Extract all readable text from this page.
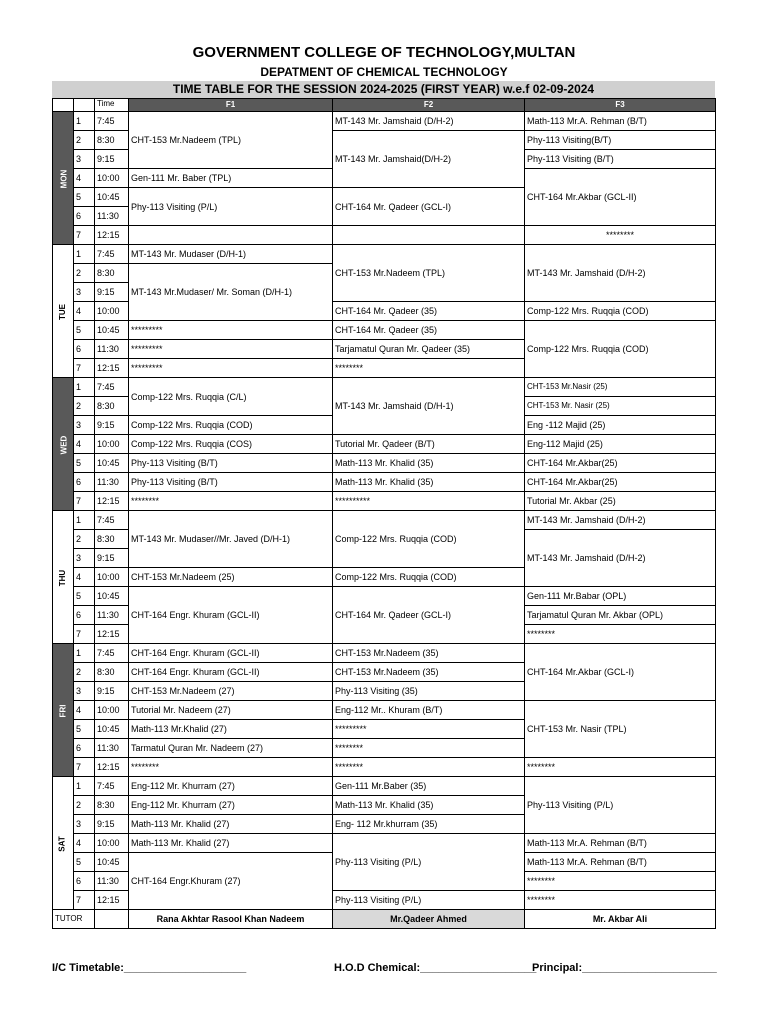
GOVERNMENT COLLEGE OF TECHNOLOGY,MULTAN
DEPATMENT OF CHEMICAL TECHNOLOGY
TIME TABLE FOR THE SESSION 2024-2025 (FIRST YEAR) w.e.f 02-09-2024
		Time	F1	F2	F3
MON	1	7:45	CHT-153 Mr.Nadeem (TPL)	MT-143 Mr. Jamshaid (D/H-2)	Math-113 Mr.A. Rehman (B/T)
	2	8:30		MT-143 Mr. Jamshaid(D/H-2)	Phy-113 Visiting(B/T)
	3	9:15			Phy-113 Visiting (B/T)
	4	10:00	Gen-111 Mr. Baber (TPL)		CHT-164 Mr.Akbar (GCL-II)
	5	10:45	Phy-113 Visiting (P/L)	CHT-164 Mr. Qadeer (GCL-I)	
	6	11:30			
	7	12:15			********
TUE	1	7:45	MT-143 Mr. Mudaser (D/H-1)	CHT-153 Mr.Nadeem (TPL)	MT-143 Mr. Jamshaid (D/H-2)
	2	8:30	MT-143 Mr.Mudaser/ Mr. Soman (D/H-1)		
	3	9:15			
	4	10:00		CHT-164 Mr. Qadeer (35)	Comp-122 Mrs. Ruqqia (COD)
	5	10:45	*********	CHT-164 Mr. Qadeer (35)	Comp-122 Mrs. Ruqqia (COD)
	6	11:30	*********	Tarjamatul Quran Mr. Qadeer (35)	
	7	12:15	*********	********	
WED	1	7:45	Comp-122 Mrs. Ruqqia (C/L)	MT-143 Mr. Jamshaid (D/H-1)	CHT-153 Mr.Nasir (25)
	2	8:30			CHT-153 Mr. Nasir (25)
	3	9:15	Comp-122 Mrs. Ruqqia (COD)		Eng -112 Majid (25)
	4	10:00	Comp-122 Mrs. Ruqqia (COS)	Tutorial Mr. Qadeer (B/T)	Eng-112 Majid (25)
	5	10:45	Phy-113 Visiting (B/T)	Math-113 Mr. Khalid (35)	CHT-164 Mr.Akbar(25)
	6	11:30	Phy-113 Visiting (B/T)	Math-113 Mr. Khalid (35)	CHT-164 Mr.Akbar(25)
	7	12:15	********	**********	Tutorial Mr. Akbar (25)
THU	1	7:45	MT-143 Mr. Mudaser//Mr. Javed (D/H-1)	Comp-122 Mrs. Ruqqia (COD)	MT-143 Mr. Jamshaid (D/H-2)
	2	8:30			MT-143 Mr. Jamshaid (D/H-2)
	3	9:15			
	4	10:00	CHT-153 Mr.Nadeem (25)	Comp-122 Mrs. Ruqqia (COD)	
	5	10:45	CHT-164 Engr. Khuram (GCL-II)	CHT-164 Mr. Qadeer (GCL-I)	Gen-111 Mr.Babar (OPL)
	6	11:30			Tarjamatul Quran Mr. Akbar (OPL)
	7	12:15			********
FRI	1	7:45	CHT-164 Engr. Khuram (GCL-II)	CHT-153 Mr.Nadeem (35)	CHT-164 Mr.Akbar (GCL-I)
	2	8:30	CHT-164 Engr. Khuram (GCL-II)	CHT-153 Mr.Nadeem (35)	
	3	9:15	CHT-153 Mr.Nadeem (27)	Phy-113 Visiting (35)	
	4	10:00	Tutorial Mr. Nadeem (27)	Eng-112 Mr.. Khuram (B/T)	CHT-153 Mr. Nasir (TPL)
	5	10:45	Math-113 Mr.Khalid (27)	*********	
	6	11:30	Tarmatul Quran Mr. Nadeem (27)	********	
	7	12:15	********	********	********
SAT	1	7:45	Eng-112 Mr. Khurram (27)	Gen-111 Mr.Baber (35)	Phy-113 Visiting (P/L)
	2	8:30	Eng-112 Mr. Khurram (27)	Math-113 Mr. Khalid (35)	
	3	9:15	Math-113 Mr. Khalid (27)	Eng- 112 Mr.khurram (35)	
	4	10:00	Math-113 Mr. Khalid (27)	Phy-113 Visiting (P/L)	Math-113 Mr.A. Rehman (B/T)
	5	10:45	CHT-164 Engr.Khuram (27)		Math-113 Mr.A. Rehman (B/T)
	6	11:30			********
	7	12:15		Phy-113 Visiting (P/L)	********
TUTOR			Rana Akhtar Rasool Khan Nadeem	Mr.Qadeer Ahmed	Mr. Akbar Ali
I/C Timetable:____________________	H.O.D Chemical:___________________
Principal:______________________
